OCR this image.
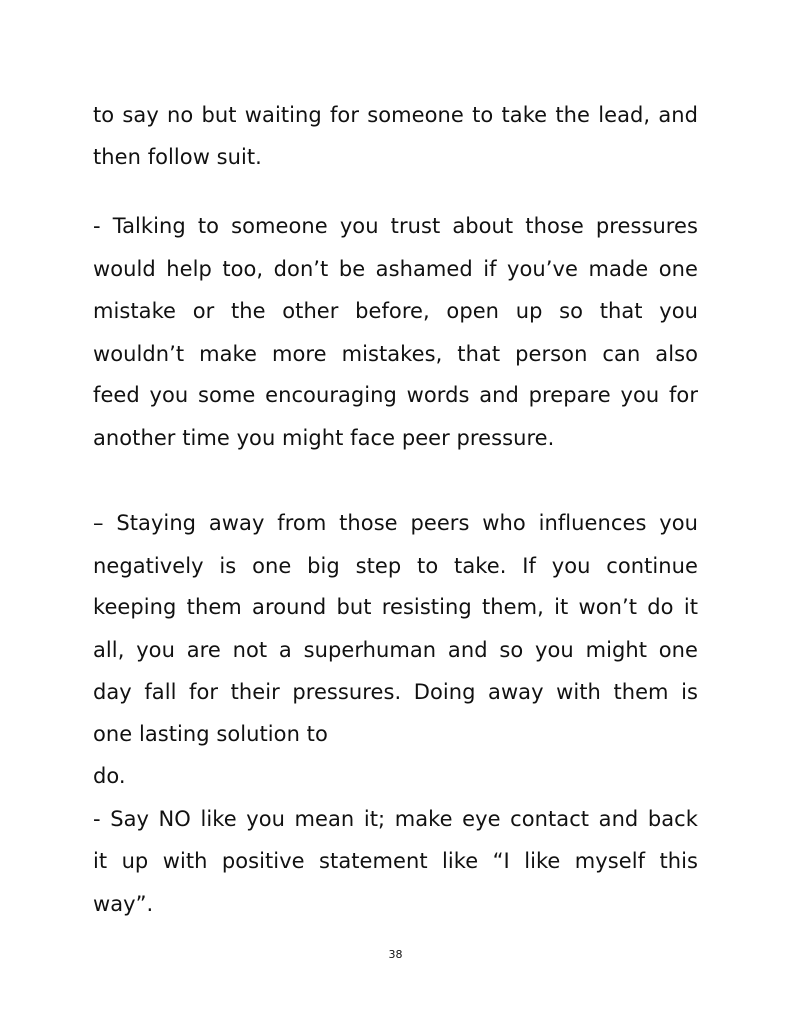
to say no but waiting for someone to take the lead, and
then follow suit.
- Talking to someone you trust about those pressures
would help too, don’t be ashamed if you’ve made one
mistake or the other before, open up so that you
wouldn’t make more mistakes, that person can also
feed you some encouraging words and prepare you for
another time you might face peer pressure.
– Staying away from those peers who influences you
negatively is one big step to take. If you continue
keeping them around but resisting them, it won’t do it
all, you are not a superhuman and so you might one
day fall for their pressures. Doing away with them is
one lasting solution to
do.
- Say NO like you mean it; make eye contact and back
it up with positive statement like “I like myself this
way”.
38
